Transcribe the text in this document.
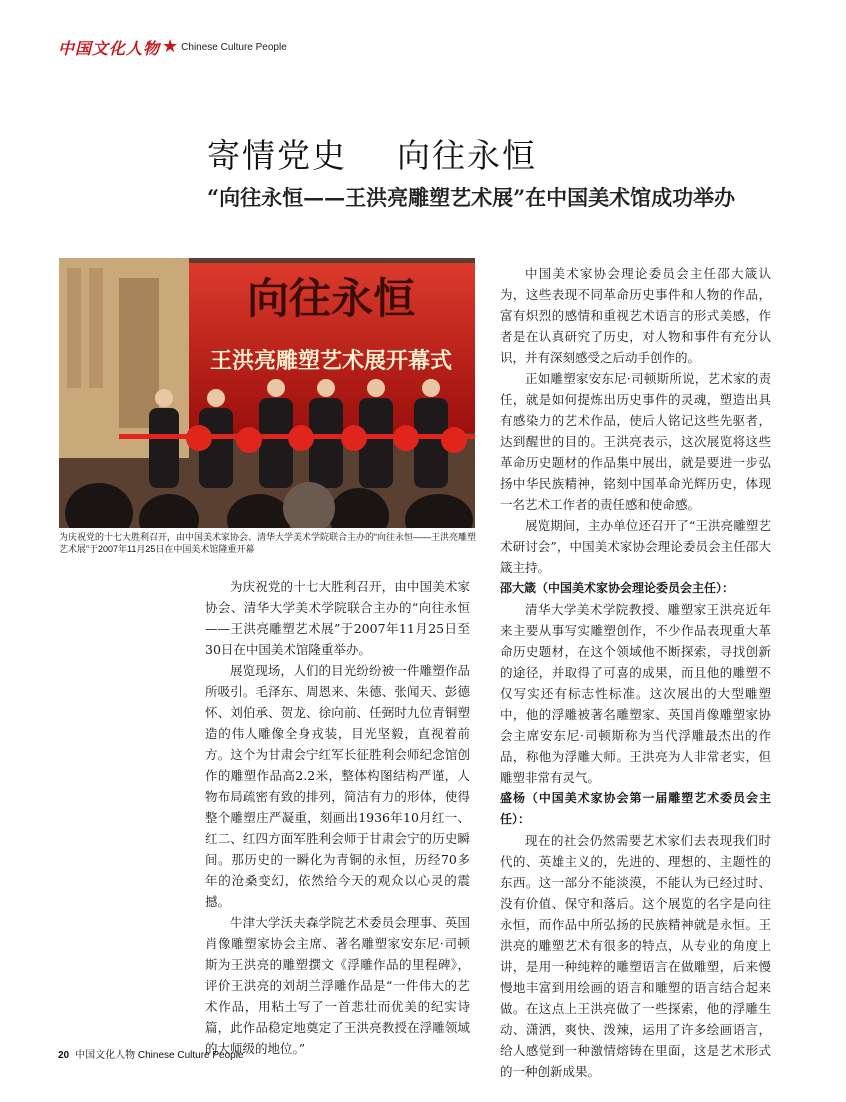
中国文化人物 ★ Chinese Culture People
寄情党史    向往永恒
“向往永恒——王洪亮雕塑艺术展”在中国美术馆成功举办
向往永恒
王洪亮雕塑艺术展开幕式
为庆祝党的十七大胜利召开，由中国美术家协会、清华大学美术学院联合主办的“向往永恒——王洪亮雕塑艺术展”于2007年11月25日在中国美术馆隆重开幕

为庆祝党的十七大胜利召开，由中国美术家协会、清华大学美术学院联合主办的“向往永恒——王洪亮雕塑艺术展”于2007年11月25日至30日在中国美术馆隆重举办。

展览现场，人们的目光纷纷被一件雕塑作品所吸引。毛泽东、周恩来、朱德、张闻天、彭德怀、刘伯承、贺龙、徐向前、任弼时九位青铜塑造的伟人雕像全身戎装，目光坚毅，直视着前方。这个为甘肃会宁红军长征胜利会师纪念馆创作的雕塑作品高2.2米，整体构图结构严谨，人物布局疏密有致的排列，简洁有力的形体，使得整个雕塑庄严凝重，刻画出1936年10月红一、红二、红四方面军胜利会师于甘肃会宁的历史瞬间。那历史的一瞬化为青铜的永恒，历经70多年的沧桑变幻，依然给今天的观众以心灵的震撼。

牛津大学沃夫森学院艺术委员会理事、英国肖像雕塑家协会主席、著名雕塑家安东尼·司顿斯为王洪亮的雕塑撰文《浮雕作品的里程碑》，评价王洪亮的刘胡兰浮雕作品是“一件伟大的艺术作品，用粘土写了一首悲壮而优美的纪实诗篇，此作品稳定地奠定了王洪亮教授在浮雕领域的大师级的地位。”

中国美术家协会理论委员会主任邵大箴认为，这些表现不同革命历史事件和人物的作品，富有炽烈的感情和重视艺术语言的形式美感，作者是在认真研究了历史，对人物和事件有充分认识，并有深刻感受之后动手创作的。

正如雕塑家安东尼·司顿斯所说，艺术家的责任，就是如何提炼出历史事件的灵魂，塑造出具有感染力的艺术作品，使后人铭记这些先驱者，达到醒世的目的。王洪亮表示，这次展览将这些革命历史题材的作品集中展出，就是要进一步弘扬中华民族精神，铭刻中国革命光辉历史，体现一名艺术工作者的责任感和使命感。

展览期间，主办单位还召开了“王洪亮雕塑艺术研讨会”，中国美术家协会理论委员会主任邵大箴主持。

邵大箴（中国美术家协会理论委员会主任）：

清华大学美术学院教授、雕塑家王洪亮近年来主要从事写实雕塑创作，不少作品表现重大革命历史题材，在这个领域他不断探索，寻找创新的途径，并取得了可喜的成果，而且他的雕塑不仅写实还有标志性标准。这次展出的大型雕塑中，他的浮雕被著名雕塑家、英国肖像雕塑家协会主席安东尼·司顿斯称为当代浮雕最杰出的作品，称他为浮雕大师。王洪亮为人非常老实，但雕塑非常有灵气。

盛杨（中国美术家协会第一届雕塑艺术委员会主任）：

现在的社会仍然需要艺术家们去表现我们时代的、英雄主义的，先进的、理想的、主题性的东西。这一部分不能淡漠，不能认为已经过时、没有价值、保守和落后。这个展览的名字是向往永恒，而作品中所弘扬的民族精神就是永恒。王洪亮的雕塑艺术有很多的特点，从专业的角度上讲，是用一种纯粹的雕塑语言在做雕塑，后来慢慢地丰富到用绘画的语言和雕塑的语言结合起来做。在这点上王洪亮做了一些探索，他的浮雕生动、潇洒，爽快、泼辣，运用了许多绘画语言，给人感觉到一种激情熔铸在里面，这是艺术形式的一种创新成果。

20 中国文化人物 Chinese Culture People
